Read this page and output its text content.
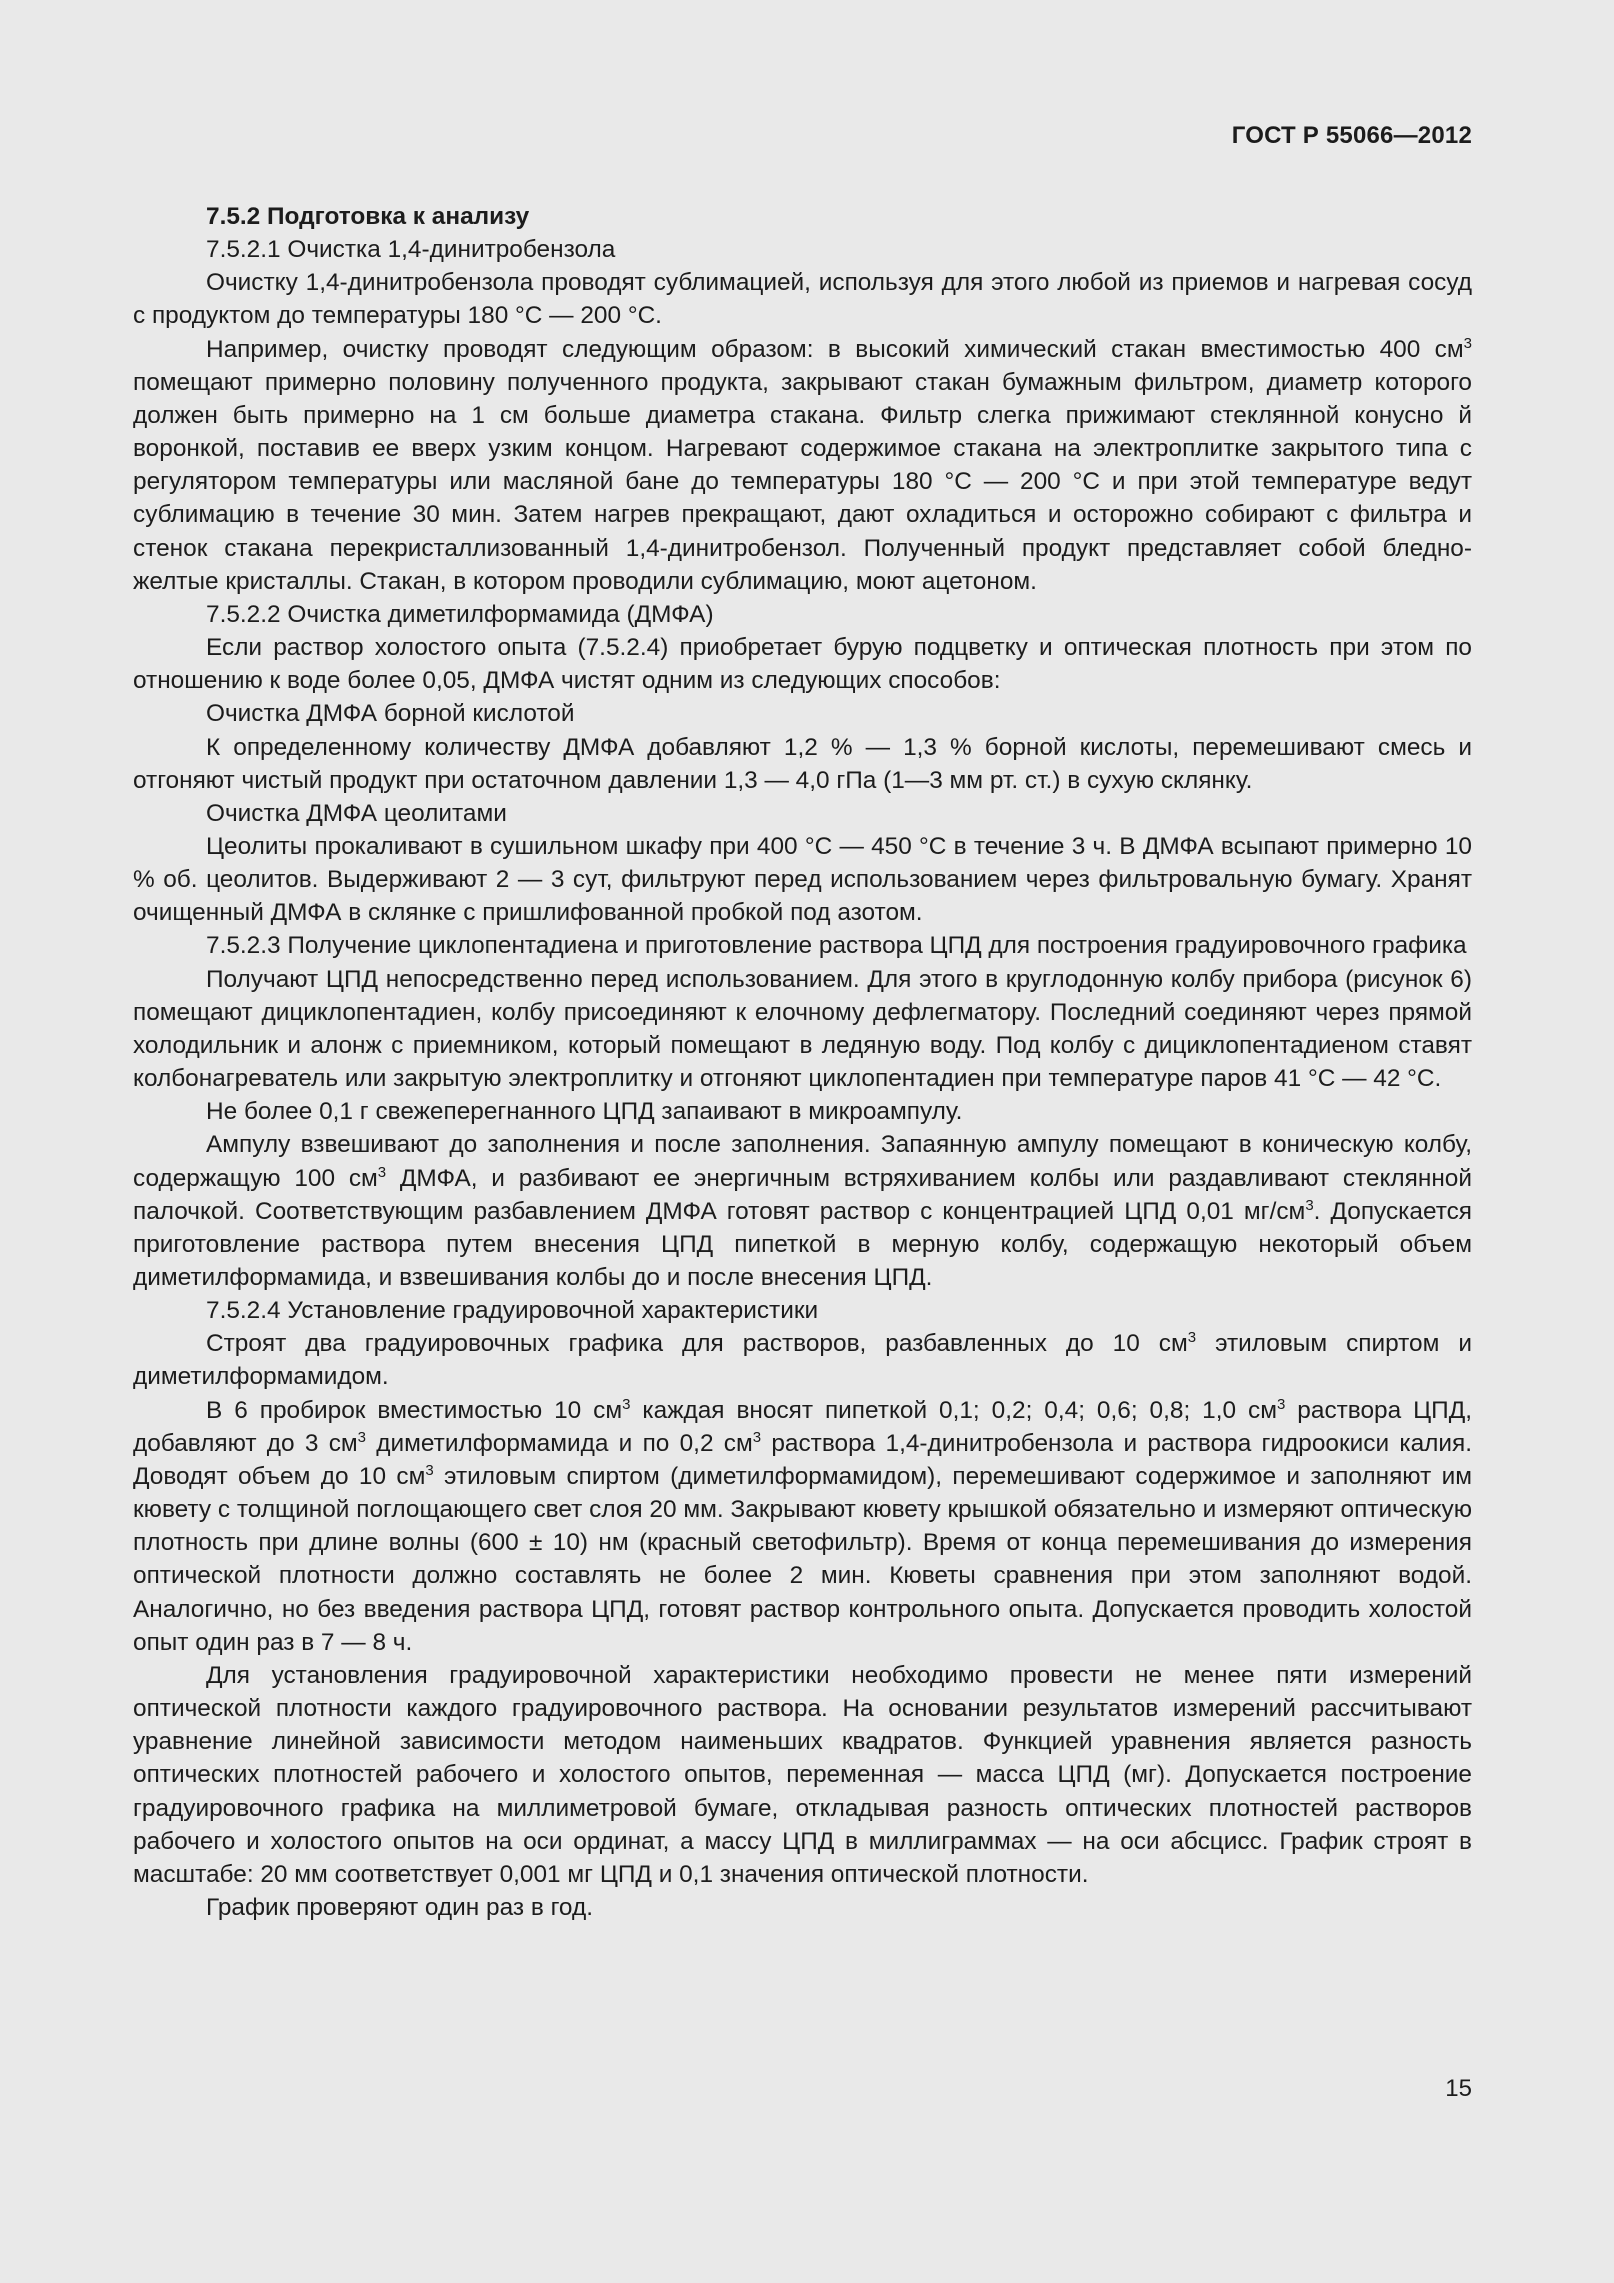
ГОСТ Р 55066—2012

7.5.2 Подготовка к анализу

7.5.2.1 Очистка 1,4-динитробензола

Очистку 1,4-динитробензола проводят сублимацией, используя для этого любой из приемов и нагревая сосуд с продуктом до температуры 180 °С — 200 °С.

Например, очистку проводят следующим образом: в высокий химический стакан вместимостью 400 $см^3$ помещают примерно половину полученного продукта, закрывают стакан бумажным фильтром, диаметр которого должен быть примерно на 1 см больше диаметра стакана. Фильтр слегка прижимают стеклянной конусно й воронкой, поставив ее вверх узким концом. Нагревают содержимое стакана на электроплитке закрытого типа с регулятором температуры или масляной бане до температуры 180 °С — 200 °С и при этой температуре ведут сублимацию в течение 30 мин. Затем нагрев прекращают, дают охладиться и осторожно собирают с фильтра и стенок стакана перекристаллизованный 1,4-динитробензол. Полученный продукт представляет собой бледно-желтые кристаллы. Стакан, в котором проводили сублимацию, моют ацетоном.

7.5.2.2 Очистка диметилформамида (ДМФА)

Если раствор холостого опыта (7.5.2.4) приобретает бурую подцветку и оптическая плотность при этом по отношению к воде более 0,05, ДМФА чистят одним из следующих способов:

Очистка ДМФА борной кислотой

К определенному количеству ДМФА добавляют 1,2 % — 1,3 % борной кислоты, перемешивают смесь и отгоняют чистый продукт при остаточном давлении 1,3 — 4,0 гПа (1—3 мм рт. ст.) в сухую склянку.

Очистка ДМФА цеолитами

Цеолиты прокаливают в сушильном шкафу при 400 °С — 450 °С в течение 3 ч. В ДМФА всыпают примерно 10 % об. цеолитов. Выдерживают 2 — 3 сут, фильтруют перед использованием через фильтровальную бумагу. Хранят очищенный ДМФА в склянке с пришлифованной пробкой под азотом.

7.5.2.3 Получение циклопентадиена и приготовление раствора ЦПД для построения градуировочного графика

Получают ЦПД непосредственно перед использованием. Для этого в круглодонную колбу прибора (рисунок 6) помещают дициклопентадиен, колбу присоединяют к елочному дефлегматору. Последний соединяют через прямой холодильник и алонж с приемником, который помещают в ледяную воду. Под колбу с дициклопентадиеном ставят колбонагреватель или закрытую электроплитку и отгоняют циклопентадиен при температуре паров 41 °С — 42 °С.

Не более 0,1 г свежеперегнанного ЦПД запаивают в микроампулу.

Ампулу взвешивают до заполнения и после заполнения. Запаянную ампулу помещают в коническую колбу, содержащую 100 $см^3$ ДМФА, и разбивают ее энергичным встряхиванием колбы или раздавливают стеклянной палочкой. Соответствующим разбавлением ДМФА готовят раствор с концентрацией ЦПД 0,01 $мг/см^3$. Допускается приготовление раствора путем внесения ЦПД пипеткой в мерную колбу, содержащую некоторый объем диметилформамида, и взвешивания колбы до и после внесения ЦПД.

7.5.2.4 Установление градуировочной характеристики

Строят два градуировочных графика для растворов, разбавленных до 10 $см^3$ этиловым спиртом и диметилформамидом.

В 6 пробирок вместимостью 10 $см^3$ каждая вносят пипеткой 0,1; 0,2; 0,4; 0,6; 0,8; 1,0 $см^3$ раствора ЦПД, добавляют до 3 $см^3$ диметилформамида и по 0,2 $см^3$ раствора 1,4-динитробензола и раствора гидроокиси калия. Доводят объем до 10 $см^3$ этиловым спиртом (диметилформамидом), перемешивают содержимое и заполняют им кювету с толщиной поглощающего свет слоя 20 мм. Закрывают кювету крышкой обязательно и измеряют оптическую плотность при длине волны (600 ± 10) нм (красный светофильтр). Время от конца перемешивания до измерения оптической плотности должно составлять не более 2 мин. Кюветы сравнения при этом заполняют водой. Аналогично, но без введения раствора ЦПД, готовят раствор контрольного опыта. Допускается проводить холостой опыт один раз в 7 — 8 ч.

Для установления градуировочной характеристики необходимо провести не менее пяти измерений оптической плотности каждого градуировочного раствора. На основании результатов измерений рассчитывают уравнение линейной зависимости методом наименьших квадратов. Функцией уравнения является разность оптических плотностей рабочего и холостого опытов, переменная — масса ЦПД (мг). Допускается построение градуировочного графика на миллиметровой бумаге, откладывая разность оптических плотностей растворов рабочего и холостого опытов на оси ординат, а массу ЦПД в миллиграммах — на оси абсцисс. График строят в масштабе: 20 мм соответствует 0,001 мг ЦПД и 0,1 значения оптической плотности.

График проверяют один раз в год.

15
